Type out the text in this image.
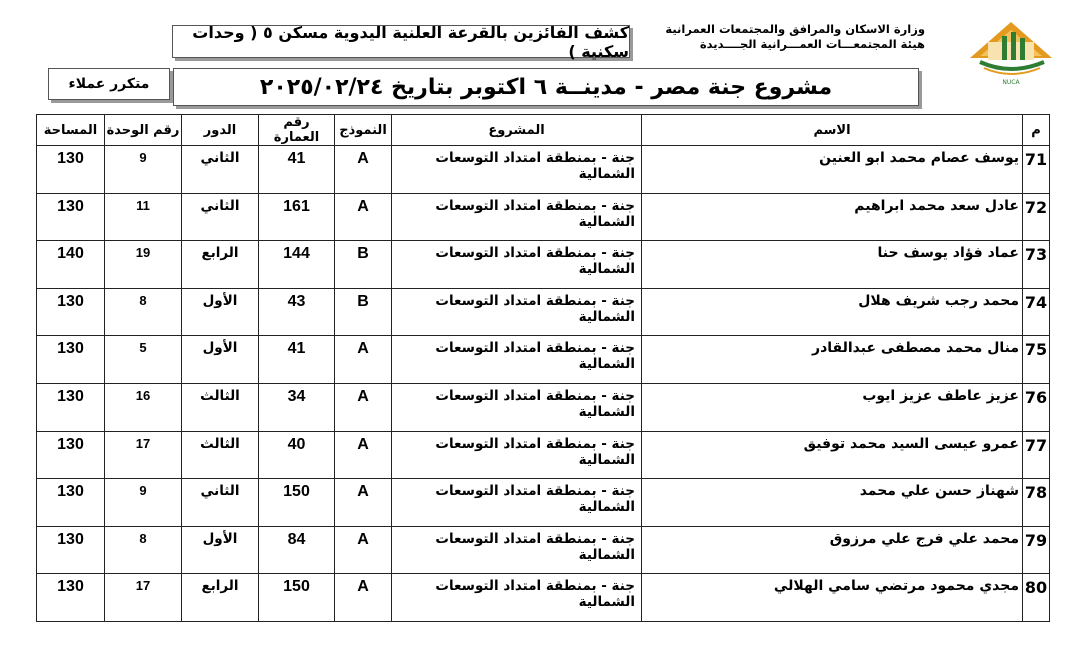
NUCA
وزارة الاسكان والمرافق والمجتمعات العمرانية
هيئة المجتمعـــات العمـــرانية الجــــديدة
كشف الفائزين بالقرعة العلنية اليدوية مسكن ٥ ( وحدات سكنية )
مشروع جنة مصر - مدينــة ٦ اكتوبر بتاريخ ٢٠٢٥/٠٢/٢٤
متكرر عملاء
م	الاسم	المشروع	النموذج	رقم العمارة	الدور	رقم الوحدة	المساحة
71	يوسف عصام محمد ابو العنين	جنة - بمنطقة امتداد التوسعات الشمالية	A	41	الثاني	9	130
72	عادل سعد محمد ابراهيم	جنة - بمنطقة امتداد التوسعات الشمالية	A	161	الثاني	11	130
73	عماد فؤاد يوسف حنا	جنة - بمنطقة امتداد التوسعات الشمالية	B	144	الرابع	19	140
74	محمد رجب شريف هلال	جنة - بمنطقة امتداد التوسعات الشمالية	B	43	الأول	8	130
75	منال محمد مصطفى عبدالقادر	جنة - بمنطقة امتداد التوسعات الشمالية	A	41	الأول	5	130
76	عزيز عاطف عزيز ايوب	جنة - بمنطقة امتداد التوسعات الشمالية	A	34	الثالث	16	130
77	عمرو عيسى السيد محمد توفيق	جنة - بمنطقة امتداد التوسعات الشمالية	A	40	الثالث	17	130
78	شهناز حسن علي محمد	جنة - بمنطقة امتداد التوسعات الشمالية	A	150	الثاني	9	130
79	محمد علي فرج علي مرزوق	جنة - بمنطقة امتداد التوسعات الشمالية	A	84	الأول	8	130
80	مجدي محمود مرتضي سامي الهلالي	جنة - بمنطقة امتداد التوسعات الشمالية	A	150	الرابع	17	130
